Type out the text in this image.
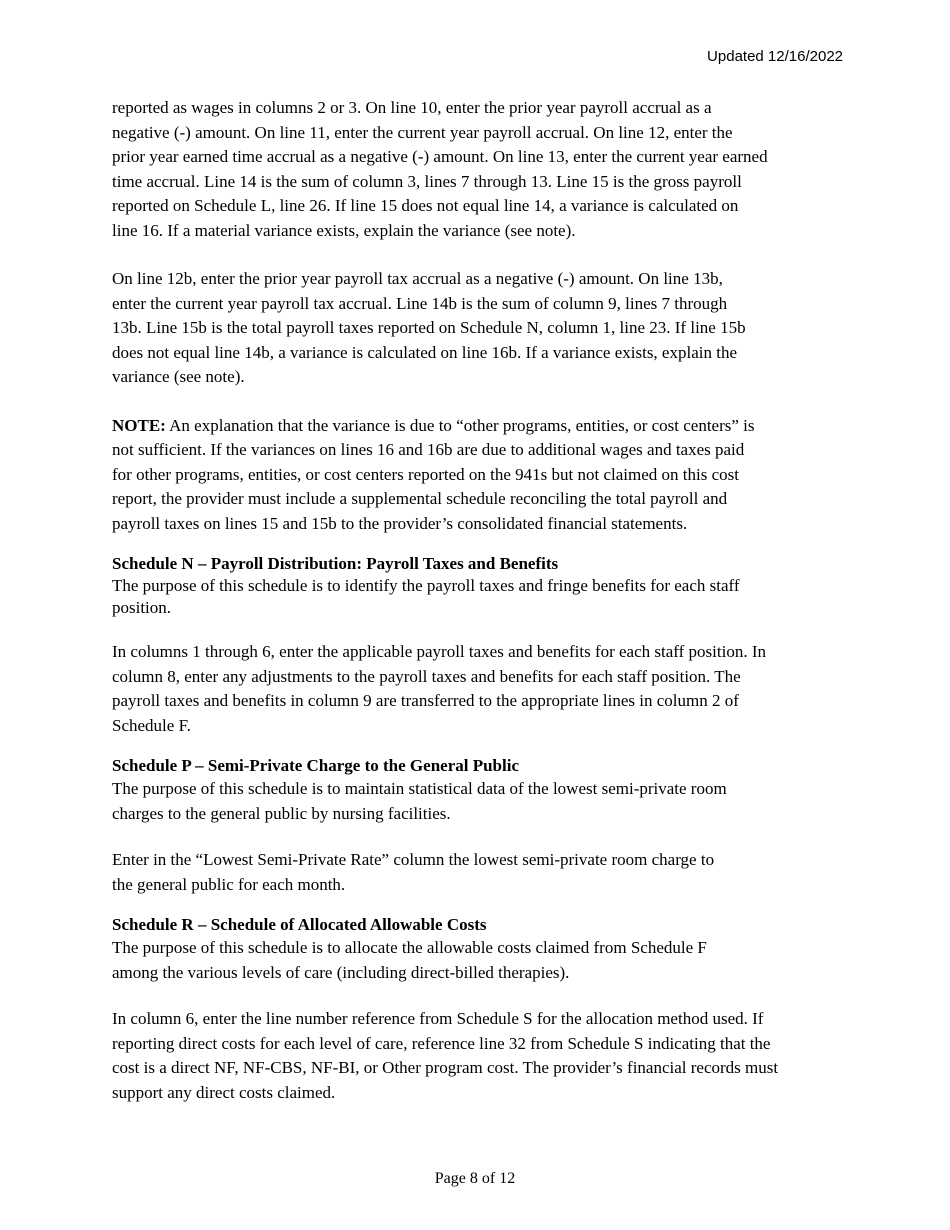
Updated 12/16/2022
reported as wages in columns 2 or 3. On line 10, enter the prior year payroll accrual as a
negative (-) amount. On line 11, enter the current year payroll accrual. On line 12, enter the
prior year earned time accrual as a negative (-) amount. On line 13, enter the current year earned
time accrual. Line 14 is the sum of column 3, lines 7 through 13. Line 15 is the gross payroll
reported on Schedule L, line 26. If line 15 does not equal line 14, a variance is calculated on
line 16. If a material variance exists, explain the variance (see note).
On line 12b, enter the prior year payroll tax accrual as a negative (-) amount. On line 13b,
enter the current year payroll tax accrual. Line 14b is the sum of column 9, lines 7 through
13b. Line 15b is the total payroll taxes reported on Schedule N, column 1, line 23. If line 15b
does not equal line 14b, a variance is calculated on line 16b. If a variance exists, explain the
variance (see note).
NOTE: An explanation that the variance is due to “other programs, entities, or cost centers” is
not sufficient. If the variances on lines 16 and 16b are due to additional wages and taxes paid
for other programs, entities, or cost centers reported on the 941s but not claimed on this cost
report, the provider must include a supplemental schedule reconciling the total payroll and
payroll taxes on lines 15 and 15b to the provider’s consolidated financial statements.
Schedule N – Payroll Distribution: Payroll Taxes and Benefits
The purpose of this schedule is to identify the payroll taxes and fringe benefits for each staff
position.
In columns 1 through 6, enter the applicable payroll taxes and benefits for each staff position. In
column 8, enter any adjustments to the payroll taxes and benefits for each staff position. The
payroll taxes and benefits in column 9 are transferred to the appropriate lines in column 2 of
Schedule F.
Schedule P – Semi-Private Charge to the General Public
The purpose of this schedule is to maintain statistical data of the lowest semi-private room
charges to the general public by nursing facilities.
Enter in the “Lowest Semi-Private Rate” column the lowest semi-private room charge to
the general public for each month.
Schedule R – Schedule of Allocated Allowable Costs
The purpose of this schedule is to allocate the allowable costs claimed from Schedule F
among the various levels of care (including direct-billed therapies).
In column 6, enter the line number reference from Schedule S for the allocation method used. If
reporting direct costs for each level of care, reference line 32 from Schedule S indicating that the
cost is a direct NF, NF-CBS, NF-BI, or Other program cost. The provider’s financial records must
support any direct costs claimed.
Page 8 of 12
